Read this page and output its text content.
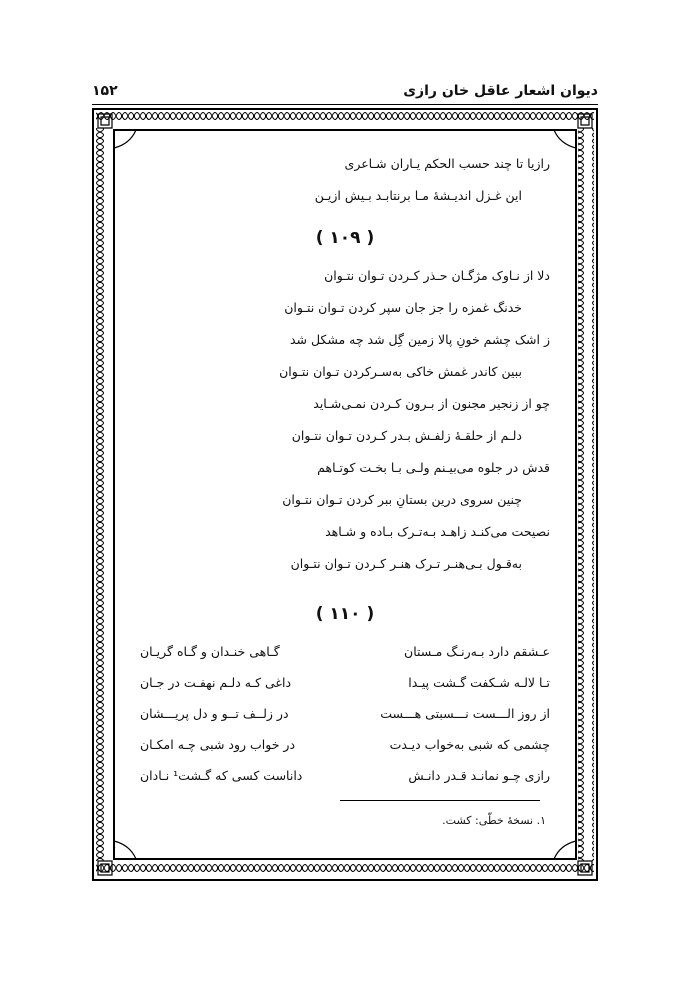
دیوان اشعار عاقل خان رازی
۱۵۲
رازیا تا چند حسب الحکم یـاران شـاعری
این غـزل اندیـشهٔ مـا برنتابـد بـیش ازیـن
( ۱۰۹ )
دلا از نـاوک مژگـان حـذر کـردن تـوان نتـوان
خدنگ غمزه را جز جان سپر کردن تـوان نتـوان
ز اشک چشم خونِ پالا زمین گِل شد چه مشکل شد
ببین کاندر غمش خاکی به‌سـرکردن تـوان نتـوان
چو از زنجیر مجنون از بـرون کـردن نمـی‌شـاید
دلـم از حلقـهٔ زلفـش بـدر کـردن تـوان نتـوان
قدش در جلوه می‌بیـنم ولـی بـا بخـت کوتـاهم
چنین سروی درین بستانِ ببر کردن تـوان نتـوان
نصیحت می‌کنـد زاهـد بـه‌تـرک بـاده و شـاهد
به‌قـول بـی‌هنـر تـرک هنـر کـردن تـوان نتـوان
( ۱۱۰ )
عـشقم دارد بـه‌رنـگ مـستان
گـاهی خنـدان و گـاه گریـان
تـا لالـه شـکفت گـشت پیـدا
داغی کـه دلـم نهفـت در جـان
از روز الـــست نـــسبتی هـــست
در زلــف تــو و دل پریـــشان
چشمی که شبی به‌خواب دیـدت
در خواب رود شبی چـه امکـان
رازی چـو نمانـد قـدر دانـش
داناست کسی که گـشت¹ نـادان
۱. نسخهٔ خطّی: کشت.
